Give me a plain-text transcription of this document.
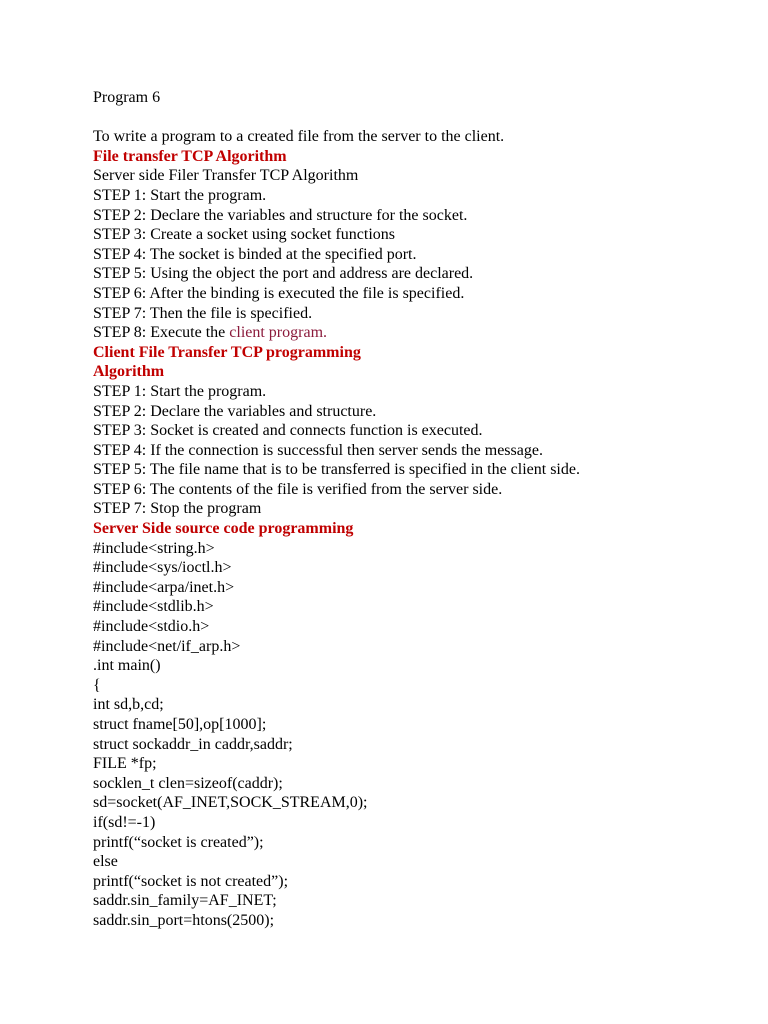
Program 6
To write a program to a created file from the server to the client.
File transfer TCP Algorithm
Server side Filer Transfer TCP Algorithm
STEP 1: Start the program.
STEP 2: Declare the variables and structure for the socket.
STEP 3: Create a socket using socket functions
STEP 4: The socket is binded at the specified port.
STEP 5: Using the object the port and address are declared.
STEP 6: After the binding is executed the file is specified.
STEP 7: Then the file is specified.
STEP 8: Execute the client program.
Client File Transfer TCP programming
Algorithm
STEP 1: Start the program.
STEP 2: Declare the variables and structure.
STEP 3: Socket is created and connects function is executed.
STEP 4: If the connection is successful then server sends the message.
STEP 5: The file name that is to be transferred is specified in the client side.
STEP 6: The contents of the file is verified from the server side.
STEP 7: Stop the program
Server Side source code programming
#include<string.h>
#include<sys/ioctl.h>
#include<arpa/inet.h>
#include<stdlib.h>
#include<stdio.h>
#include<net/if_arp.h>
.int main()
{
int sd,b,cd;
struct fname[50],op[1000];
struct sockaddr_in caddr,saddr;
FILE *fp;
socklen_t clen=sizeof(caddr);
sd=socket(AF_INET,SOCK_STREAM,0);
if(sd!=-1)
printf(“socket is created”);
else
printf(“socket is not created”);
saddr.sin_family=AF_INET;
saddr.sin_port=htons(2500);
